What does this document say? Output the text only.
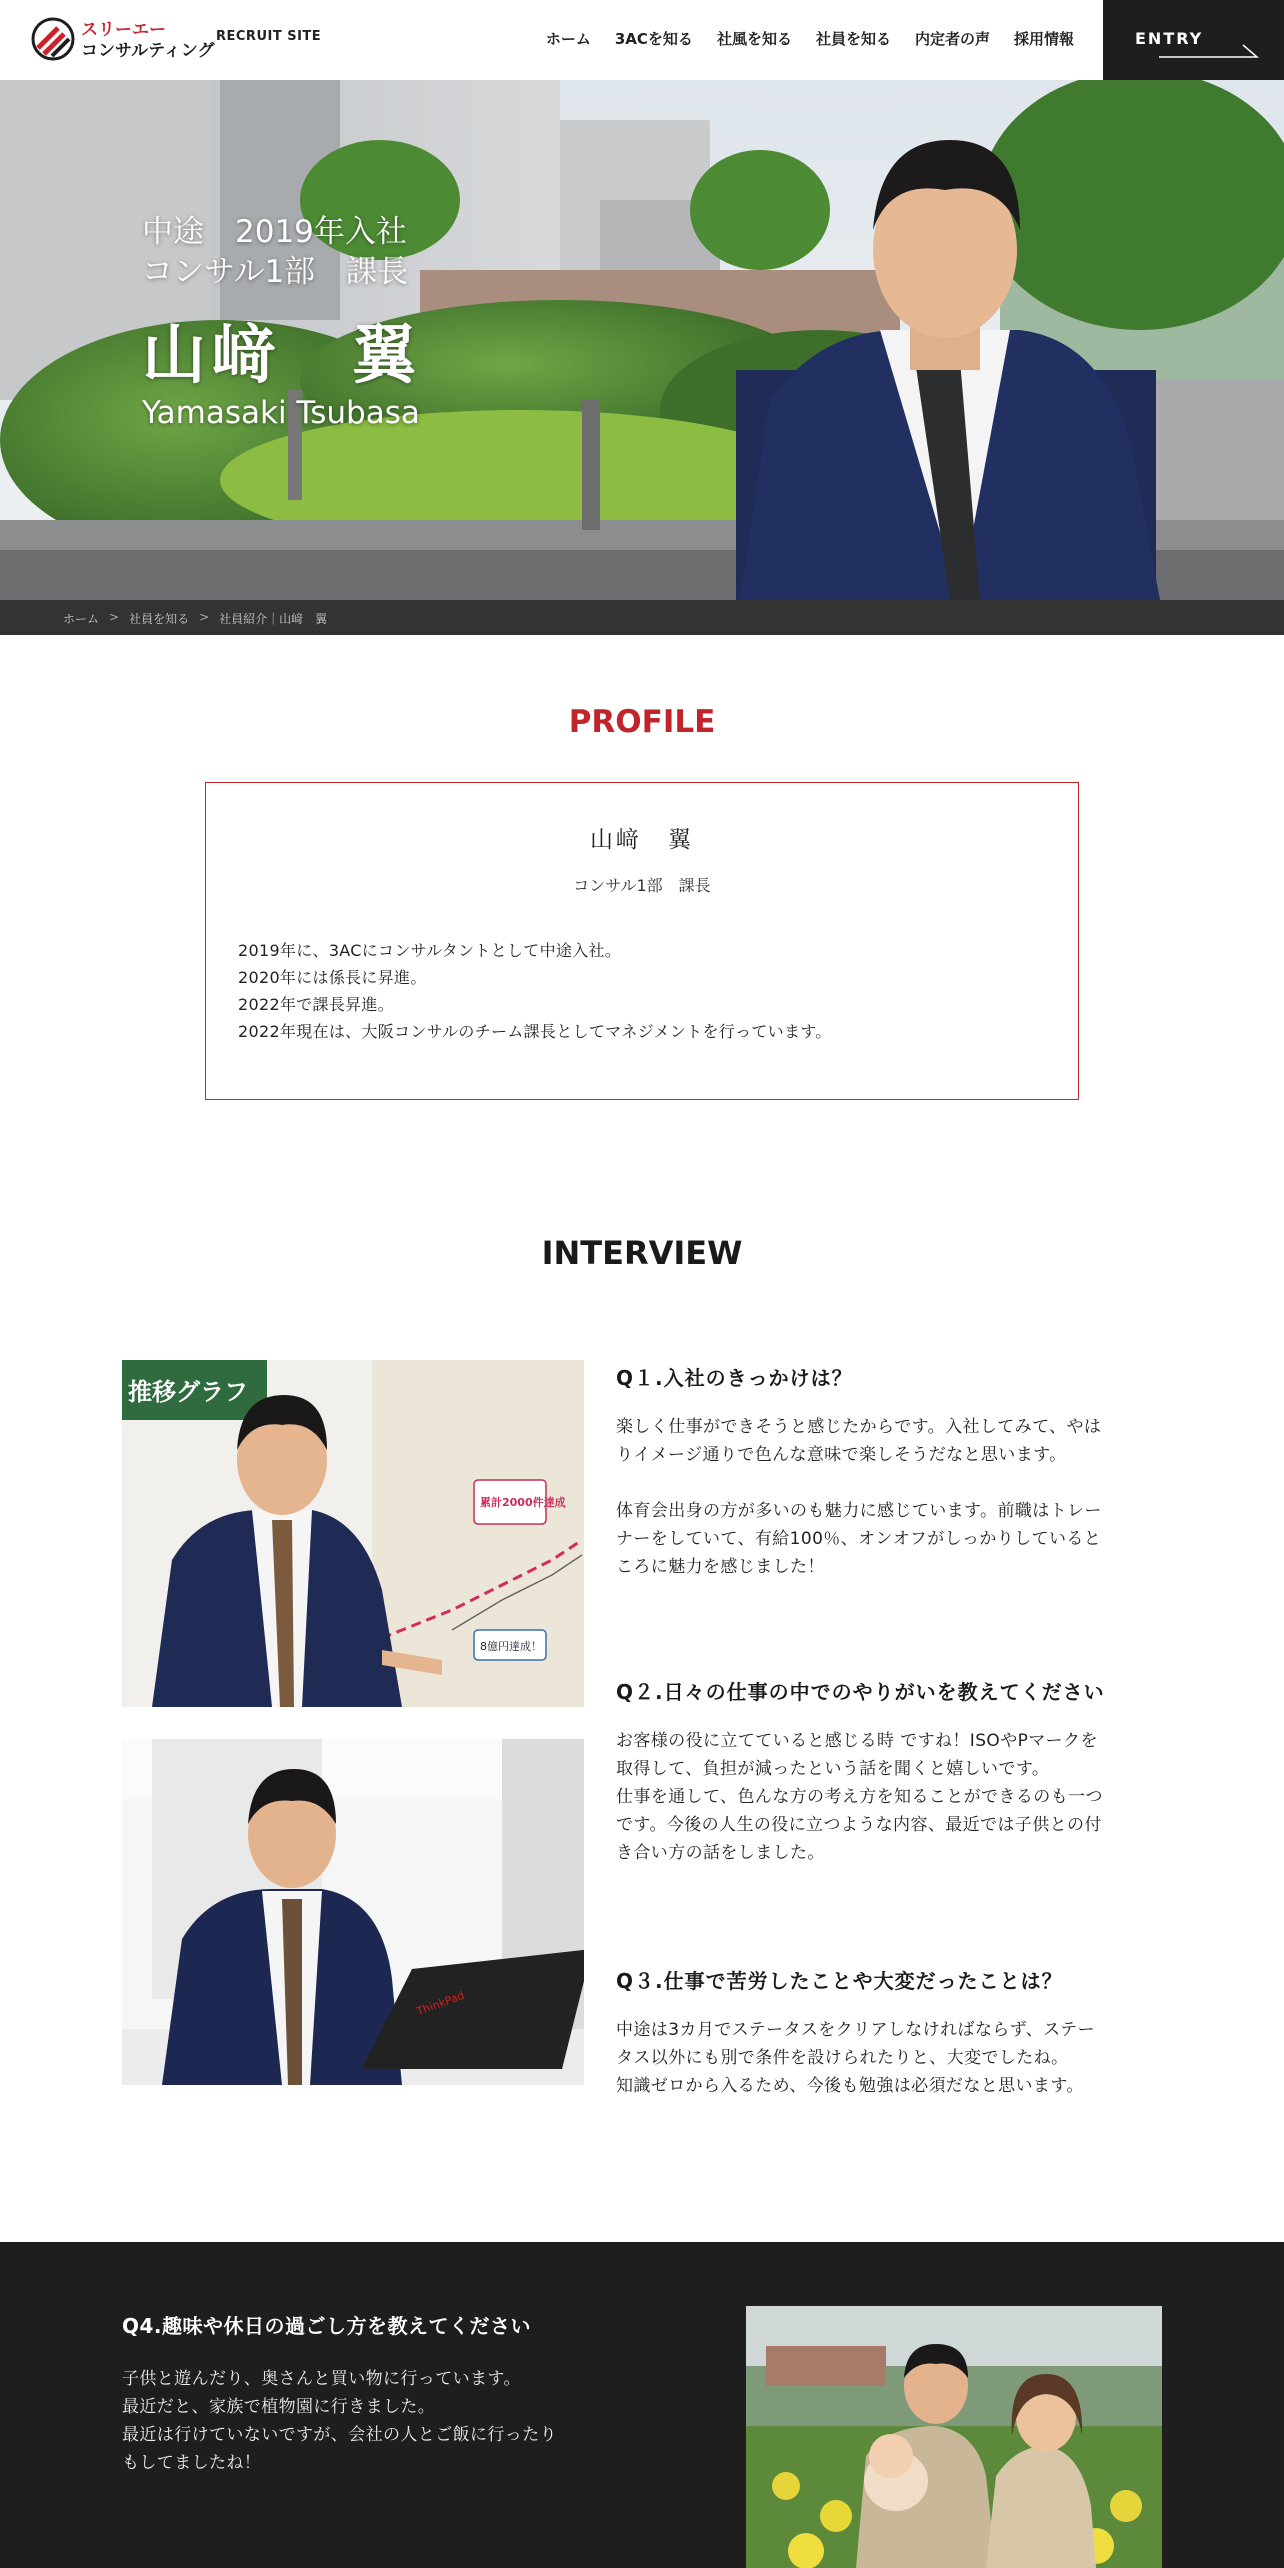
スリーエー
コンサルティング
RECRUIT SITE	ホーム 3ACを知る 社風を知る 社員を知る 内定者の声 採用情報	ENTRY
中途　2019年入社
コンサル1部　課長
山﨑　翼
Yamasaki Tsubasa
ホーム > 社員を知る > 社員紹介｜山﨑　翼
PROFILE
山﨑　翼
コンサル1部　課長
2019年に、3ACにコンサルタントとして中途入社。
2020年には係長に昇進。
2022年で課長昇進。
2022年現在は、大阪コンサルのチーム課長としてマネジメントを行っています。
INTERVIEW
推移グラフ
累計2000件達成
8億円達成！
ThinkPad
Q１.入社のきっかけは？
楽しく仕事ができそうと感じたからです。入社してみて、やは
りイメージ通りで色んな意味で楽しそうだなと思います。
体育会出身の方が多いのも魅力に感じています。前職はトレー
ナーをしていて、有給100％、オンオフがしっかりしていると
ころに魅力を感じました！
Q２.日々の仕事の中でのやりがいを教えてください
お客様の役に立てていると感じる時 ですね！ISOやPマークを
取得して、負担が減ったという話を聞くと嬉しいです。
仕事を通して、色んな方の考え方を知ることができるのも一つ
です。今後の人生の役に立つような内容、最近では子供との付
き合い方の話をしました。
Q３.仕事で苦労したことや大変だったことは？
中途は3カ月でステータスをクリアしなければならず、ステー
タス以外にも別で条件を設けられたりと、大変でしたね。
知識ゼロから入るため、今後も勉強は必須だなと思います。
Q4.趣味や休日の過ごし方を教えてください
子供と遊んだり、奥さんと買い物に行っています。
最近だと、家族で植物園に行きました。
最近は行けていないですが、会社の人とご飯に行ったり
もしてましたね！
